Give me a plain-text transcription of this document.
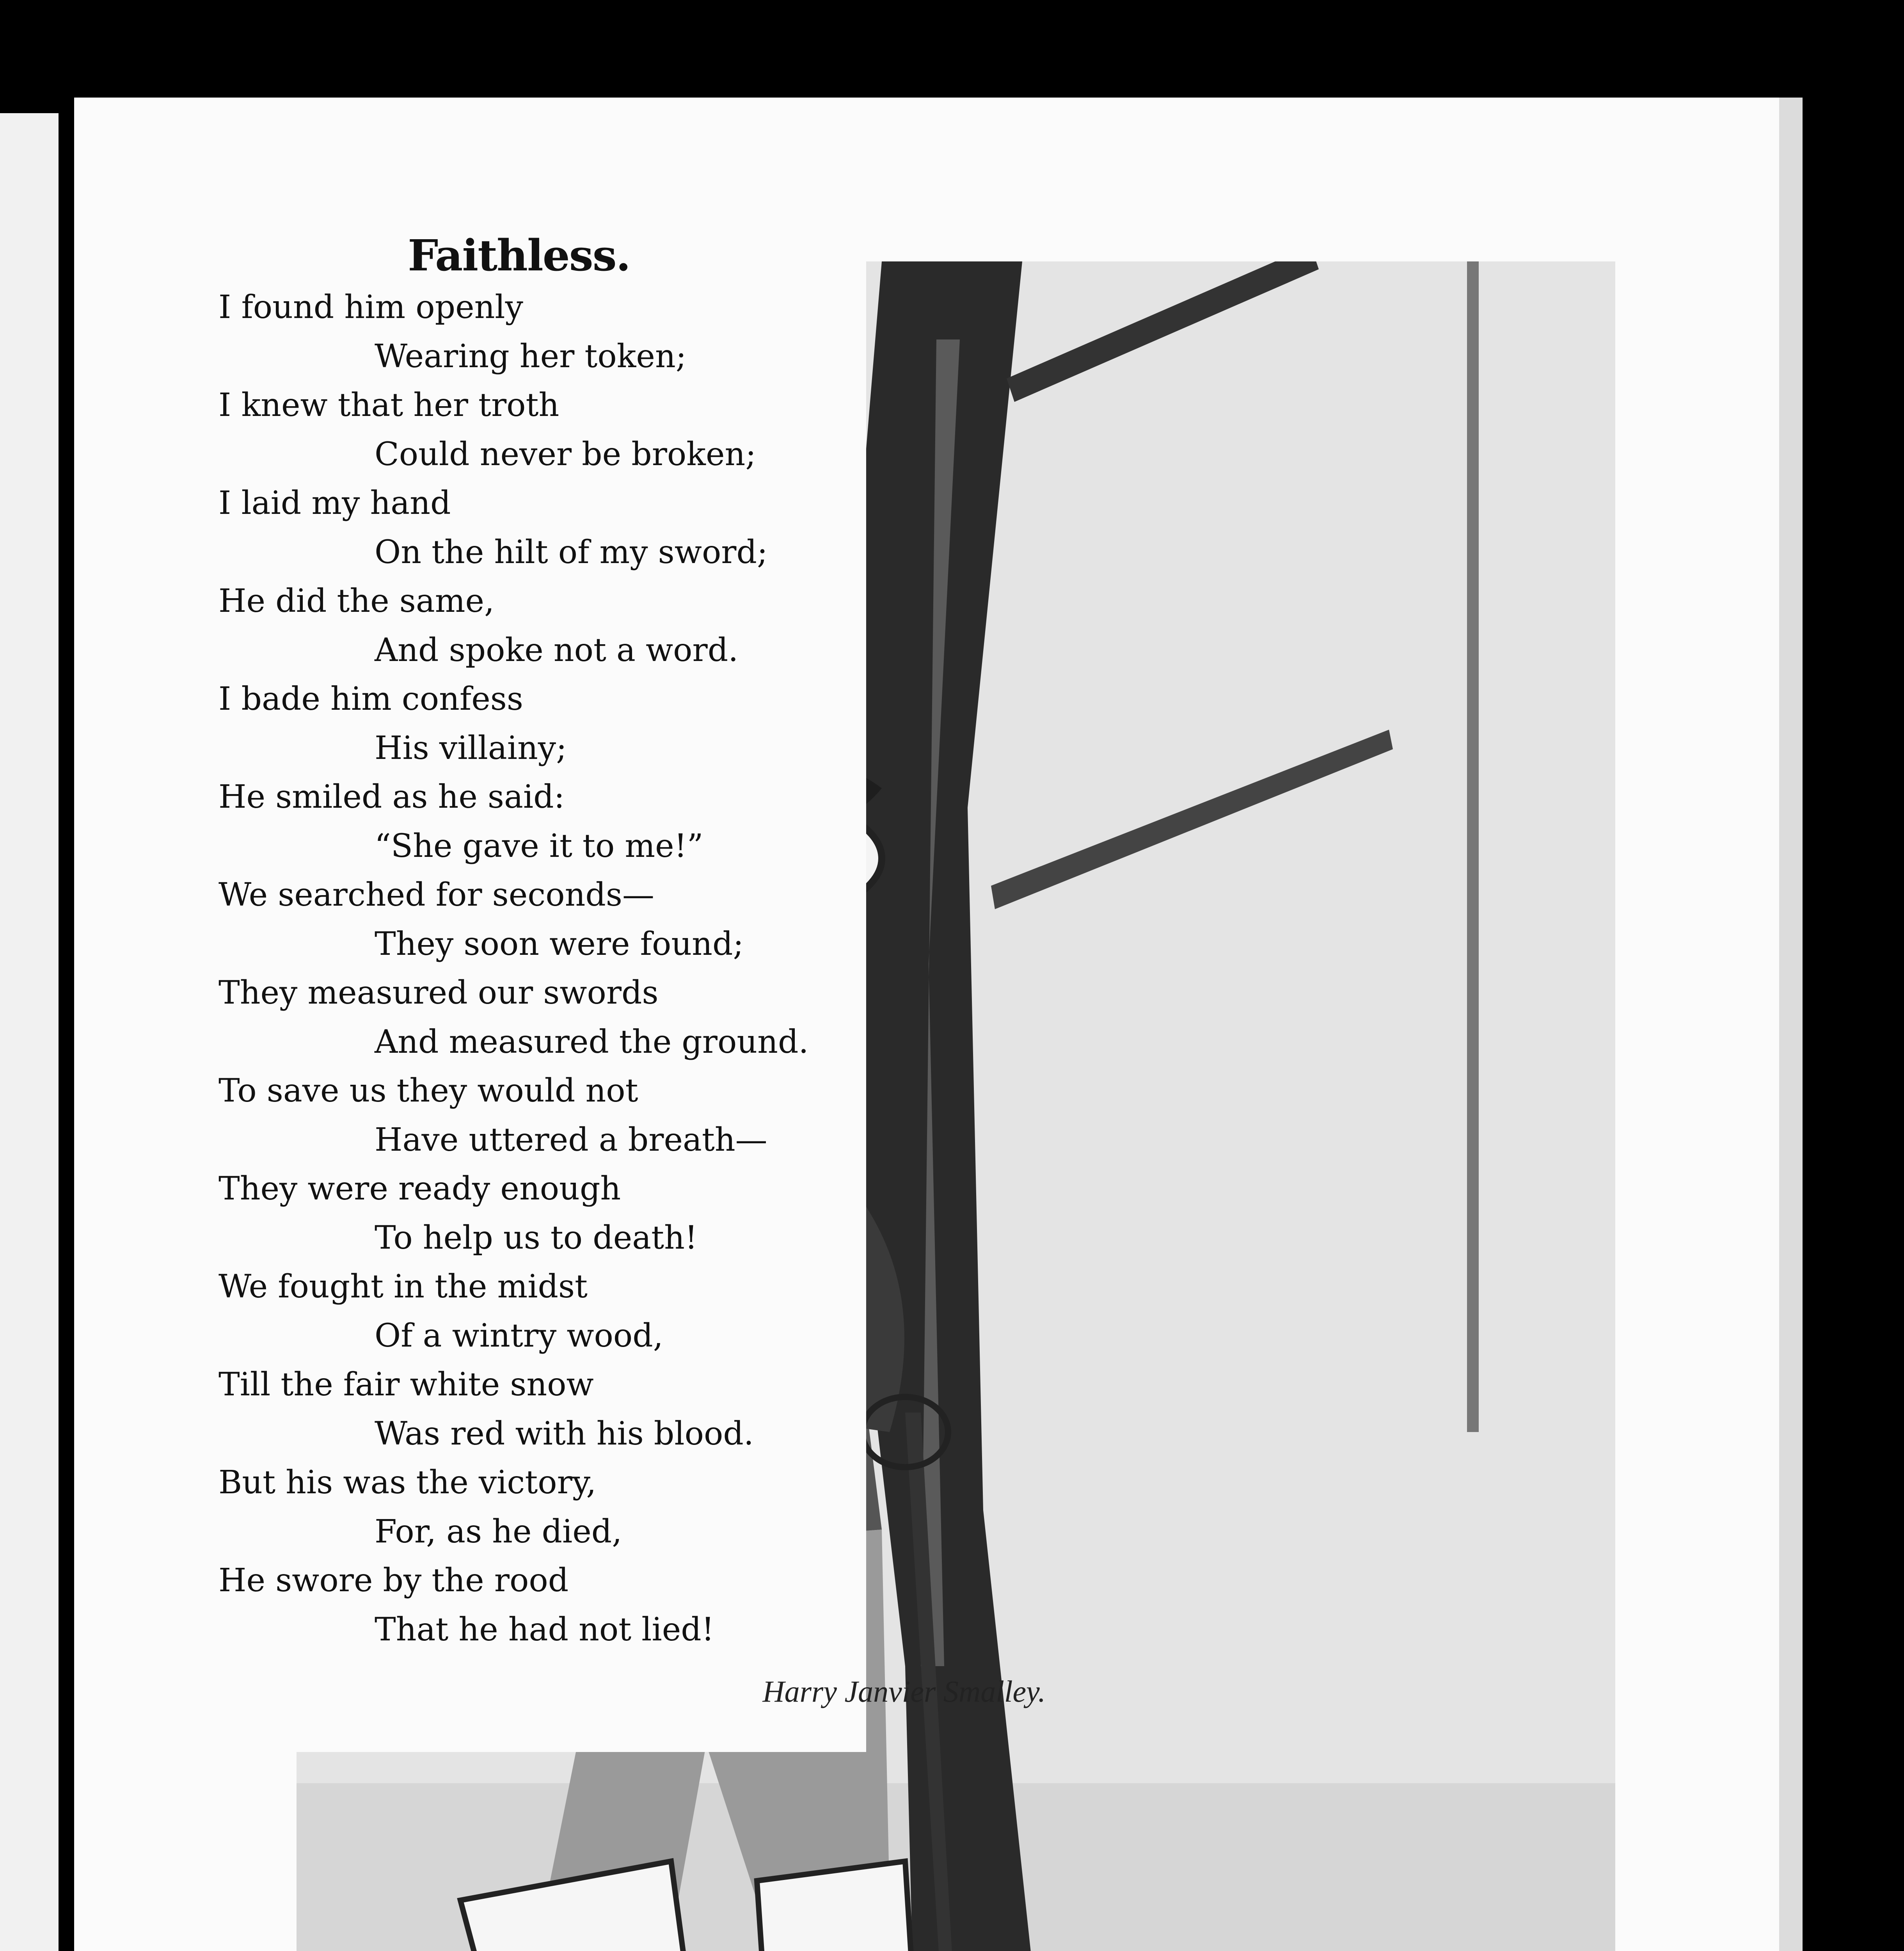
Faithless.
I found him openly
Wearing her token;
I knew that her troth
Could never be broken;
I laid my hand
On the hilt of my sword;
He did the same,
And spoke not a word.
I bade him confess
His villainy;
He smiled as he said:
“She gave it to me!”
We searched for seconds—
They soon were found;
They measured our swords
And measured the ground.
To save us they would not
Have uttered a breath—
They were ready enough
To help us to death!
We fought in the midst
Of a wintry wood,
Till the fair white snow
Was red with his blood.
But his was the victory,
For, as he died,
He swore by the rood
That he had not lied!
Harry Janvier Smalley.
